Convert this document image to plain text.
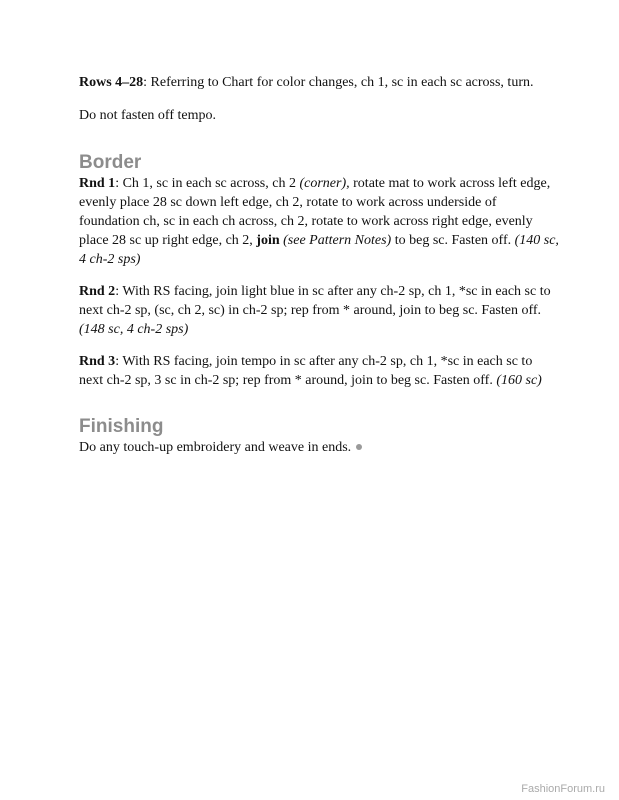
Rows 4–28: Referring to Chart for color changes, ch 1, sc in each sc across, turn.

Do not fasten off tempo.

Border

Rnd 1: Ch 1, sc in each sc across, ch 2 (corner), rotate mat to work across left edge, evenly place 28 sc down left edge, ch 2, rotate to work across underside of foundation ch, sc in each ch across, ch 2, rotate to work across right edge, evenly place 28 sc up right edge, ch 2, join (see Pattern Notes) to beg sc. Fasten off. (140 sc, 4 ch-2 sps)

Rnd 2: With RS facing, join light blue in sc after any ch-2 sp, ch 1, *sc in each sc to next ch-2 sp, (sc, ch 2, sc) in ch-2 sp; rep from * around, join to beg sc. Fasten off. (148 sc, 4 ch-2 sps)

Rnd 3: With RS facing, join tempo in sc after any ch-2 sp, ch 1, *sc in each sc to next ch-2 sp, 3 sc in ch-2 sp; rep from * around, join to beg sc. Fasten off. (160 sc)

Finishing

Do any touch-up embroidery and weave in ends.

FashionForum.ru
